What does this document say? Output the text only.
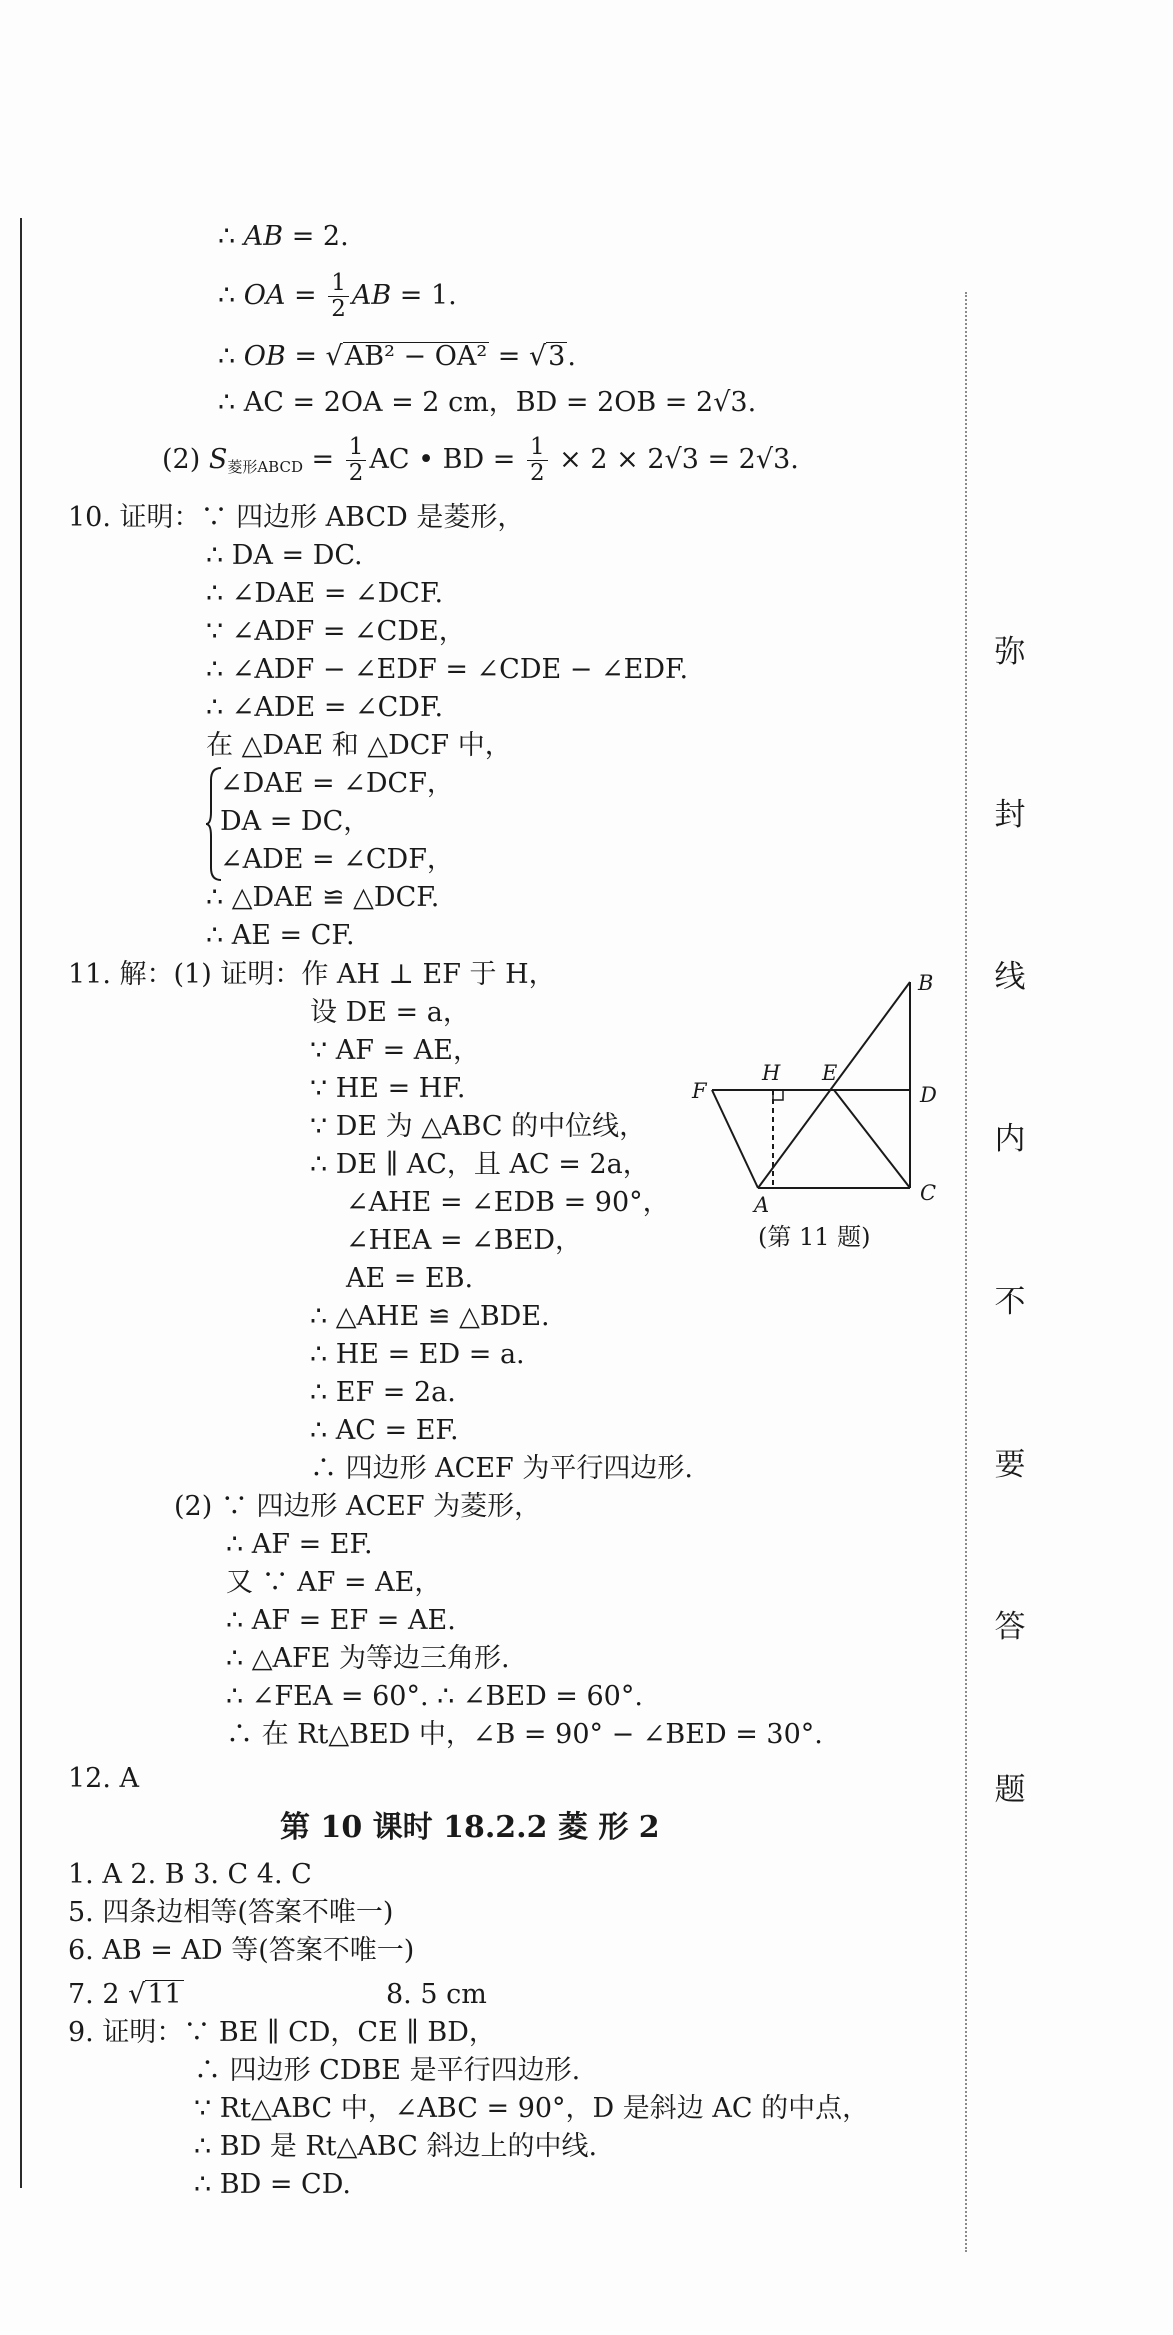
弥
封
线
内
不
要
答
题
∴ AB = 2.
∴ OA = $\frac{1}{2}$ AB = 1.
∴ OB = √AB² − OA² = √3.
∴ AC = 2OA = 2 cm，BD = 2OB = 2√3.
(2) $S_{菱形ABCD} = \frac{1}{2}$ AC • BD = $\frac{1}{2} \times 2 \times 2√3 = 2√3$.
10. 证明：∵ 四边形 ABCD 是菱形，
∴ DA = DC.
∴ ∠DAE = ∠DCF.
∵ ∠ADF = ∠CDE，
∴ ∠ADF − ∠EDF = ∠CDE − ∠EDF.
∴ ∠ADE = ∠CDF.
在 △DAE 和 △DCF 中，
∠DAE = ∠DCF，
DA = DC，
∠ADE = ∠CDF，
∴ △DAE ≌ △DCF.
∴ AE = CF.
11. 解：(1) 证明：作 AH ⊥ EF 于 H，
设 DE = a，
∵ AF = AE，
∵ HE = HF.
∵ DE 为 △ABC 的中位线，
∴ DE ∥ AC，且 AC = 2a，
∠AHE = ∠EDB = 90°，
∠HEA = ∠BED，
AE = EB.
∴ △AHE ≌ △BDE.
∴ HE = ED = a.
∴ EF = 2a.
∴ AC = EF.
∴ 四边形 ACEF 为平行四边形.
(2) ∵ 四边形 ACEF 为菱形，
∴ AF = EF.
又 ∵ AF = AE，
∴ AF = EF = AE.
∴ △AFE 为等边三角形.
∴ ∠FEA = 60°. ∴ ∠BED = 60°.
∴ 在 Rt△BED 中，∠B = 90° − ∠BED = 30°.
12. A
第 10 课时 18.2.2 菱 形 2
1. A 2. B 3. C 4. C
5. 四条边相等(答案不唯一)
6. AB = AD 等(答案不唯一)
7. 2 √11	8. 5 cm
9. 证明：∵ BE ∥ CD，CE ∥ BD，
∴ 四边形 CDBE 是平行四边形.
∵ Rt△ABC 中，∠ABC = 90°，D 是斜边 AC 的中点，
∴ BD 是 Rt△ABC 斜边上的中线.
∴ BD = CD.
B
H E
F	D
A	C
(第 11 题)
